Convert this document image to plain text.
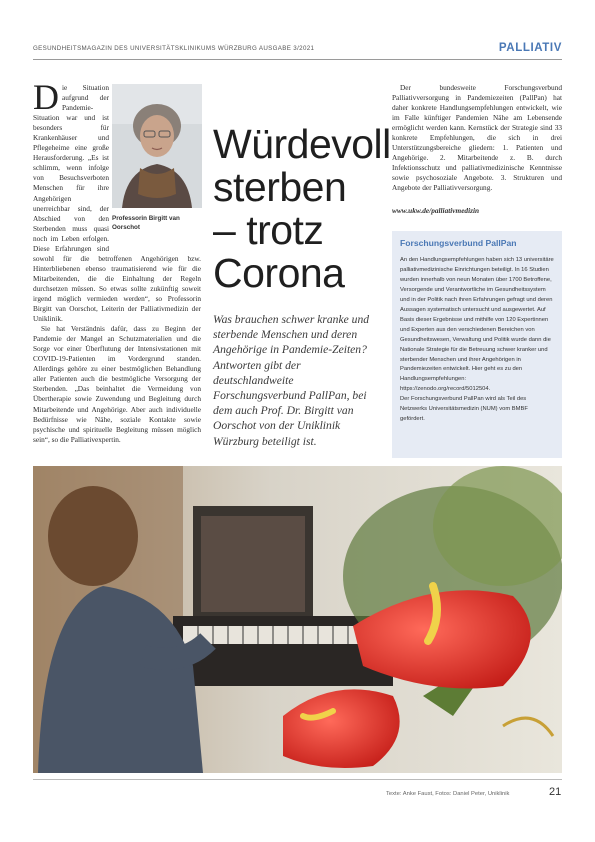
GESUNDHEITSMAGAZIN DES UNIVERSITÄTSKLINIKUMS WÜRZBURG AUSGABE 3/2021	PALLIATIV

Die Situation aufgrund der Pandemie-Situation war und ist besonders für Krankenhäuser und Pflegeheime eine große Herausforderung. „Es ist schlimm, wenn infolge von Besuchsverboten Menschen für ihre Angehörigen unerreichbar sind, der Abschied von den Sterbenden muss quasi noch im Leben erfolgen. Diese Erfahrungen sind sowohl für die betroffenen Angehörigen bzw. Hinterbliebenen ebenso traumatisierend wie für die Mitarbeitenden, die die Einhaltung der Regeln durchsetzen müssen. So etwas sollte zukünftig soweit irgend möglich vermieden werden“, so Professorin Birgitt van Oorschot, Leiterin der Palliativmedizin der Uniklinik.

Sie hat Verständnis dafür, dass zu Beginn der Pandemie der Mangel an Schutzmaterialien und die Sorge vor einer Überflutung der Intensivstationen mit COVID-19-Patienten im Vordergrund standen. Allerdings gehöre zu einer bestmöglichen Behandlung aller Patienten auch die bestmögliche Versorgung der Sterbenden. „Das beinhaltet die Vermeidung von Übertherapie sowie Zuwendung und Begleitung durch Mitarbeitende und Angehörige. Aber auch individuelle Bedürfnisse wie Nähe, soziale Kontakte sowie psychische und spirituelle Begleitung müssen möglich sein“, so die Palliativexpertin.

Professorin Birgitt van Oorschot
Würdevoll sterben – trotz Corona
Was brauchen schwer kranke und sterbende Menschen und deren Angehörige in Pandemie-Zeiten? Antworten gibt der deutschlandweite Forschungsverbund PallPan, bei dem auch Prof. Dr. Birgitt van Oorschot von der Uniklinik Würzburg beteiligt ist.

Der bundesweite Forschungsverbund Palliativversorgung in Pandemiezeiten (PallPan) hat daher konkrete Handlungsempfehlungen entwickelt, wie im Falle künftiger Pandemien Nähe am Lebensende ermöglicht werden kann. Kernstück der Strategie sind 33 konkrete Empfehlungen, die sich in drei Unterstützungsbereiche gliedern: 1. Patienten und Angehörige. 2. Mitarbeitende z. B. durch Infektionsschutz und palliativmedizinische Kenntnisse sowie psychosoziale Angebote. 3. Strukturen und Angebote der Palliativversorgung.

www.ukw.de/palliativmedizin
Forschungsverbund PallPan

An den Handlungsempfehlungen haben sich 13 universitäre palliativmedizinische Einrichtungen beteiligt. In 16 Studien wurden innerhalb von neun Monaten über 1700 Betroffene, Versorgende und Verantwortliche im Gesundheitssystem und in der Politik nach ihren Erfahrungen gefragt und deren Aussagen systematisch untersucht und ausgewertet. Auf Basis dieser Ergebnisse und mithilfe von 120 Expertinnen und Experten aus den verschiedenen Bereichen von Gesundheitswesen, Verwaltung und Politik wurde dann die Nationale Strategie für die Betreuung schwer kranker und sterbender Menschen und ihrer Angehörigen in Pandemiezeiten entwickelt. Hier geht es zu den Handlungsempfehlungen: https://zenodo.org/record/5012504.

Der Forschungsverbund PallPan wird als Teil des Netzwerks Universitätsmedizin (NUM) vom BMBF gefördert.

Texte: Anke Faust, Fotos: Daniel Peter, Uniklinik	21
